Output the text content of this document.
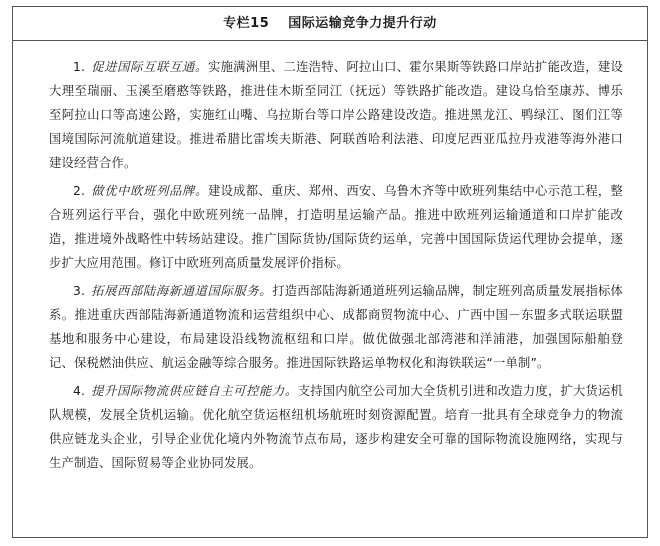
专栏15 国际运输竞争力提升行动

1. 促进国际互联互通。实施满洲里、二连浩特、阿拉山口、霍尔果斯等铁路口岸站扩能改造，建设大理至瑞丽、玉溪至磨憨等铁路，推进佳木斯至同江（抚远）等铁路扩能改造。建设乌恰至康苏、博乐至阿拉山口等高速公路，实施红山嘴、乌拉斯台等口岸公路建设改造。推进黑龙江、鸭绿江、图们江等国境国际河流航道建设。推进希腊比雷埃夫斯港、阿联酋哈利法港、印度尼西亚瓜拉丹戎港等海外港口建设经营合作。

2. 做优中欧班列品牌。建设成都、重庆、郑州、西安、乌鲁木齐等中欧班列集结中心示范工程，整合班列运行平台，强化中欧班列统一品牌，打造明星运输产品。推进中欧班列运输通道和口岸扩能改造，推进境外战略性中转场站建设。推广国际货协/国际货约运单，完善中国国际货运代理协会提单，逐步扩大应用范围。修订中欧班列高质量发展评价指标。

3. 拓展西部陆海新通道国际服务。打造西部陆海新通道班列运输品牌，制定班列高质量发展指标体系。推进重庆西部陆海新通道物流和运营组织中心、成都商贸物流中心、广西中国－东盟多式联运联盟基地和服务中心建设，布局建设沿线物流枢纽和口岸。做优做强北部湾港和洋浦港，加强国际船舶登记、保税燃油供应、航运金融等综合服务。推进国际铁路运单物权化和海铁联运“一单制”。

4. 提升国际物流供应链自主可控能力。支持国内航空公司加大全货机引进和改造力度，扩大货运机队规模，发展全货机运输。优化航空货运枢纽机场航班时刻资源配置。培育一批具有全球竞争力的物流供应链龙头企业，引导企业优化境内外物流节点布局，逐步构建安全可靠的国际物流设施网络，实现与生产制造、国际贸易等企业协同发展。
